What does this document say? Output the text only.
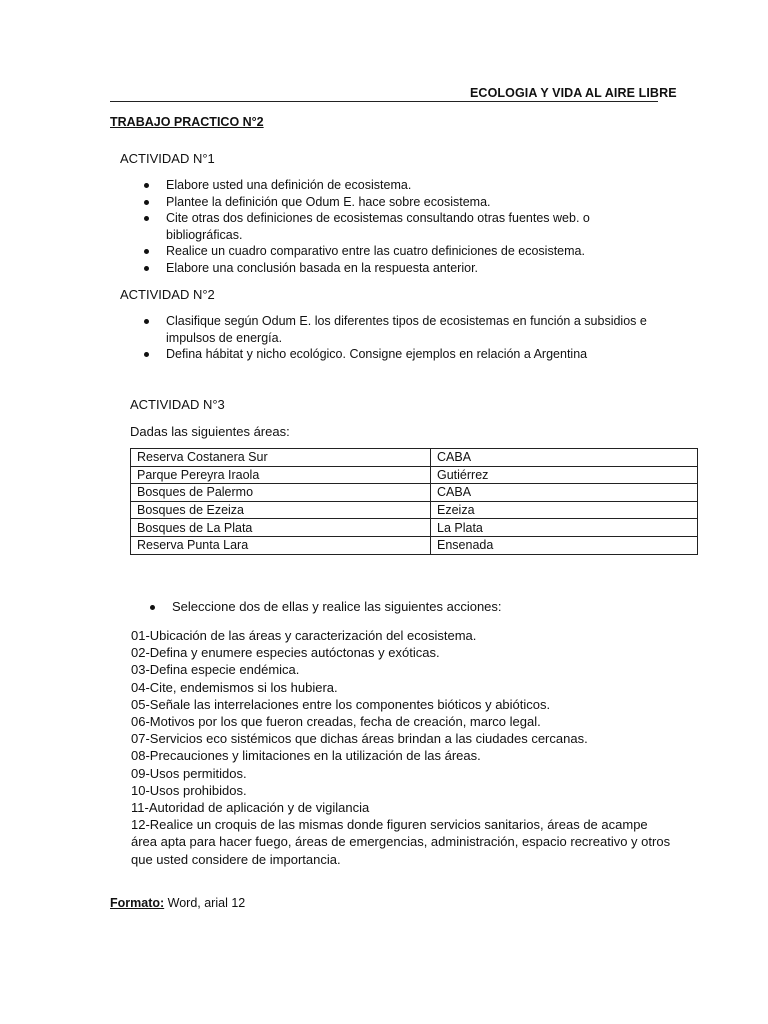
ECOLOGIA Y VIDA AL AIRE LIBRE
TRABAJO PRACTICO N°2
ACTIVIDAD N°1
Elabore usted una definición de ecosistema.
Plantee la definición que Odum E. hace sobre ecosistema.
Cite otras dos definiciones de ecosistemas consultando otras fuentes web. o bibliográficas.
Realice un cuadro comparativo entre las cuatro definiciones de ecosistema.
Elabore una conclusión basada en la respuesta anterior.
ACTIVIDAD N°2
Clasifique según Odum E. los diferentes tipos de ecosistemas en función a subsidios e impulsos de energía.
Defina hábitat y nicho ecológico. Consigne ejemplos en relación a Argentina
ACTIVIDAD N°3
Dadas las siguientes áreas:
Reserva Costanera Sur	CABA
Parque Pereyra Iraola	Gutiérrez
Bosques de Palermo	CABA
Bosques de Ezeiza	Ezeiza
Bosques de La Plata	La Plata
Reserva Punta Lara	Ensenada
Seleccione dos de ellas y realice las siguientes acciones:
01-Ubicación de las áreas y caracterización del ecosistema.
02-Defina y enumere especies autóctonas y exóticas.
03-Defina especie endémica.
04-Cite, endemismos si los hubiera.
05-Señale las interrelaciones entre los componentes bióticos y abióticos.
06-Motivos por los que fueron creadas, fecha de creación, marco legal.
07-Servicios eco sistémicos que dichas áreas brindan a las ciudades cercanas.
08-Precauciones y limitaciones en la utilización de las áreas.
09-Usos permitidos.
10-Usos prohibidos.
11-Autoridad de aplicación y de vigilancia
12-Realice un croquis de las mismas donde figuren servicios sanitarios, áreas de acampe
área apta para hacer fuego, áreas de emergencias, administración, espacio recreativo y otros
que usted considere de importancia.
Formato: Word, arial 12
